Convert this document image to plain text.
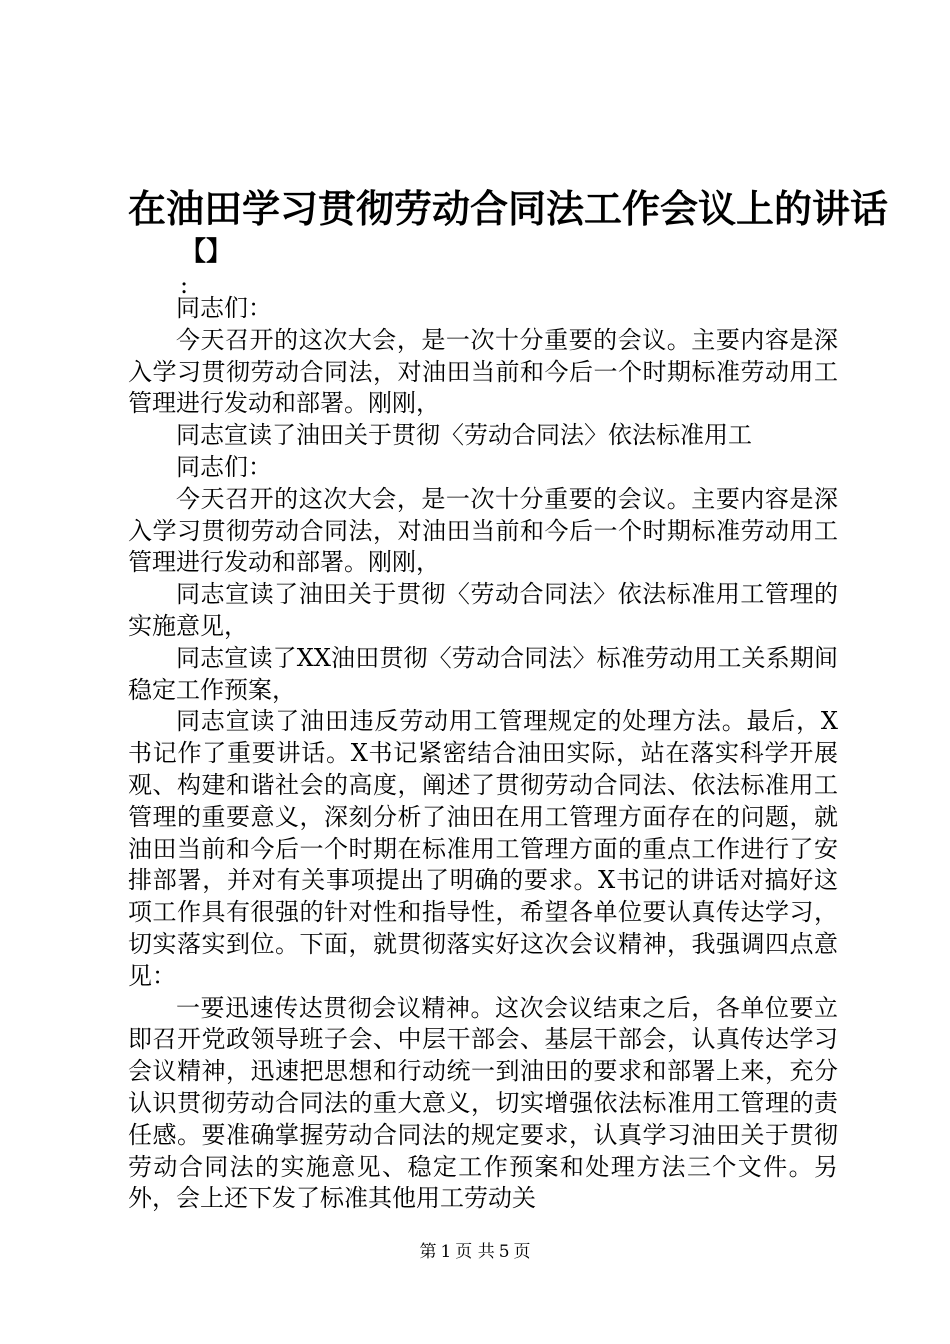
在油田学习贯彻劳动合同法工作会议上的讲话
【】
:

同志们：

今天召开的这次大会，是一次十分重要的会议。主要内容是深入学习贯彻劳动合同法，对油田当前和今后一个时期标准劳动用工管理进行发动和部署。刚刚，

同志宣读了油田关于贯彻〈劳动合同法〉依法标准用工

同志们：

今天召开的这次大会，是一次十分重要的会议。主要内容是深入学习贯彻劳动合同法，对油田当前和今后一个时期标准劳动用工管理进行发动和部署。刚刚，

同志宣读了油田关于贯彻〈劳动合同法〉依法标准用工管理的实施意见，

同志宣读了XX油田贯彻〈劳动合同法〉标准劳动用工关系期间稳定工作预案，

同志宣读了油田违反劳动用工管理规定的处理方法。最后，X书记作了重要讲话。X书记紧密结合油田实际，站在落实科学开展观、构建和谐社会的高度，阐述了贯彻劳动合同法、依法标准用工管理的重要意义，深刻分析了油田在用工管理方面存在的问题，就油田当前和今后一个时期在标准用工管理方面的重点工作进行了安排部署，并对有关事项提出了明确的要求。X书记的讲话对搞好这项工作具有很强的针对性和指导性，希望各单位要认真传达学习，切实落实到位。下面，就贯彻落实好这次会议精神，我强调四点意见：

一要迅速传达贯彻会议精神。这次会议结束之后，各单位要立即召开党政领导班子会、中层干部会、基层干部会，认真传达学习会议精神，迅速把思想和行动统一到油田的要求和部署上来，充分认识贯彻劳动合同法的重大意义，切实增强依法标准用工管理的责任感。要准确掌握劳动合同法的规定要求，认真学习油田关于贯彻劳动合同法的实施意见、稳定工作预案和处理方法三个文件。另外，会上还下发了标准其他用工劳动关

第 1 页 共 5 页
